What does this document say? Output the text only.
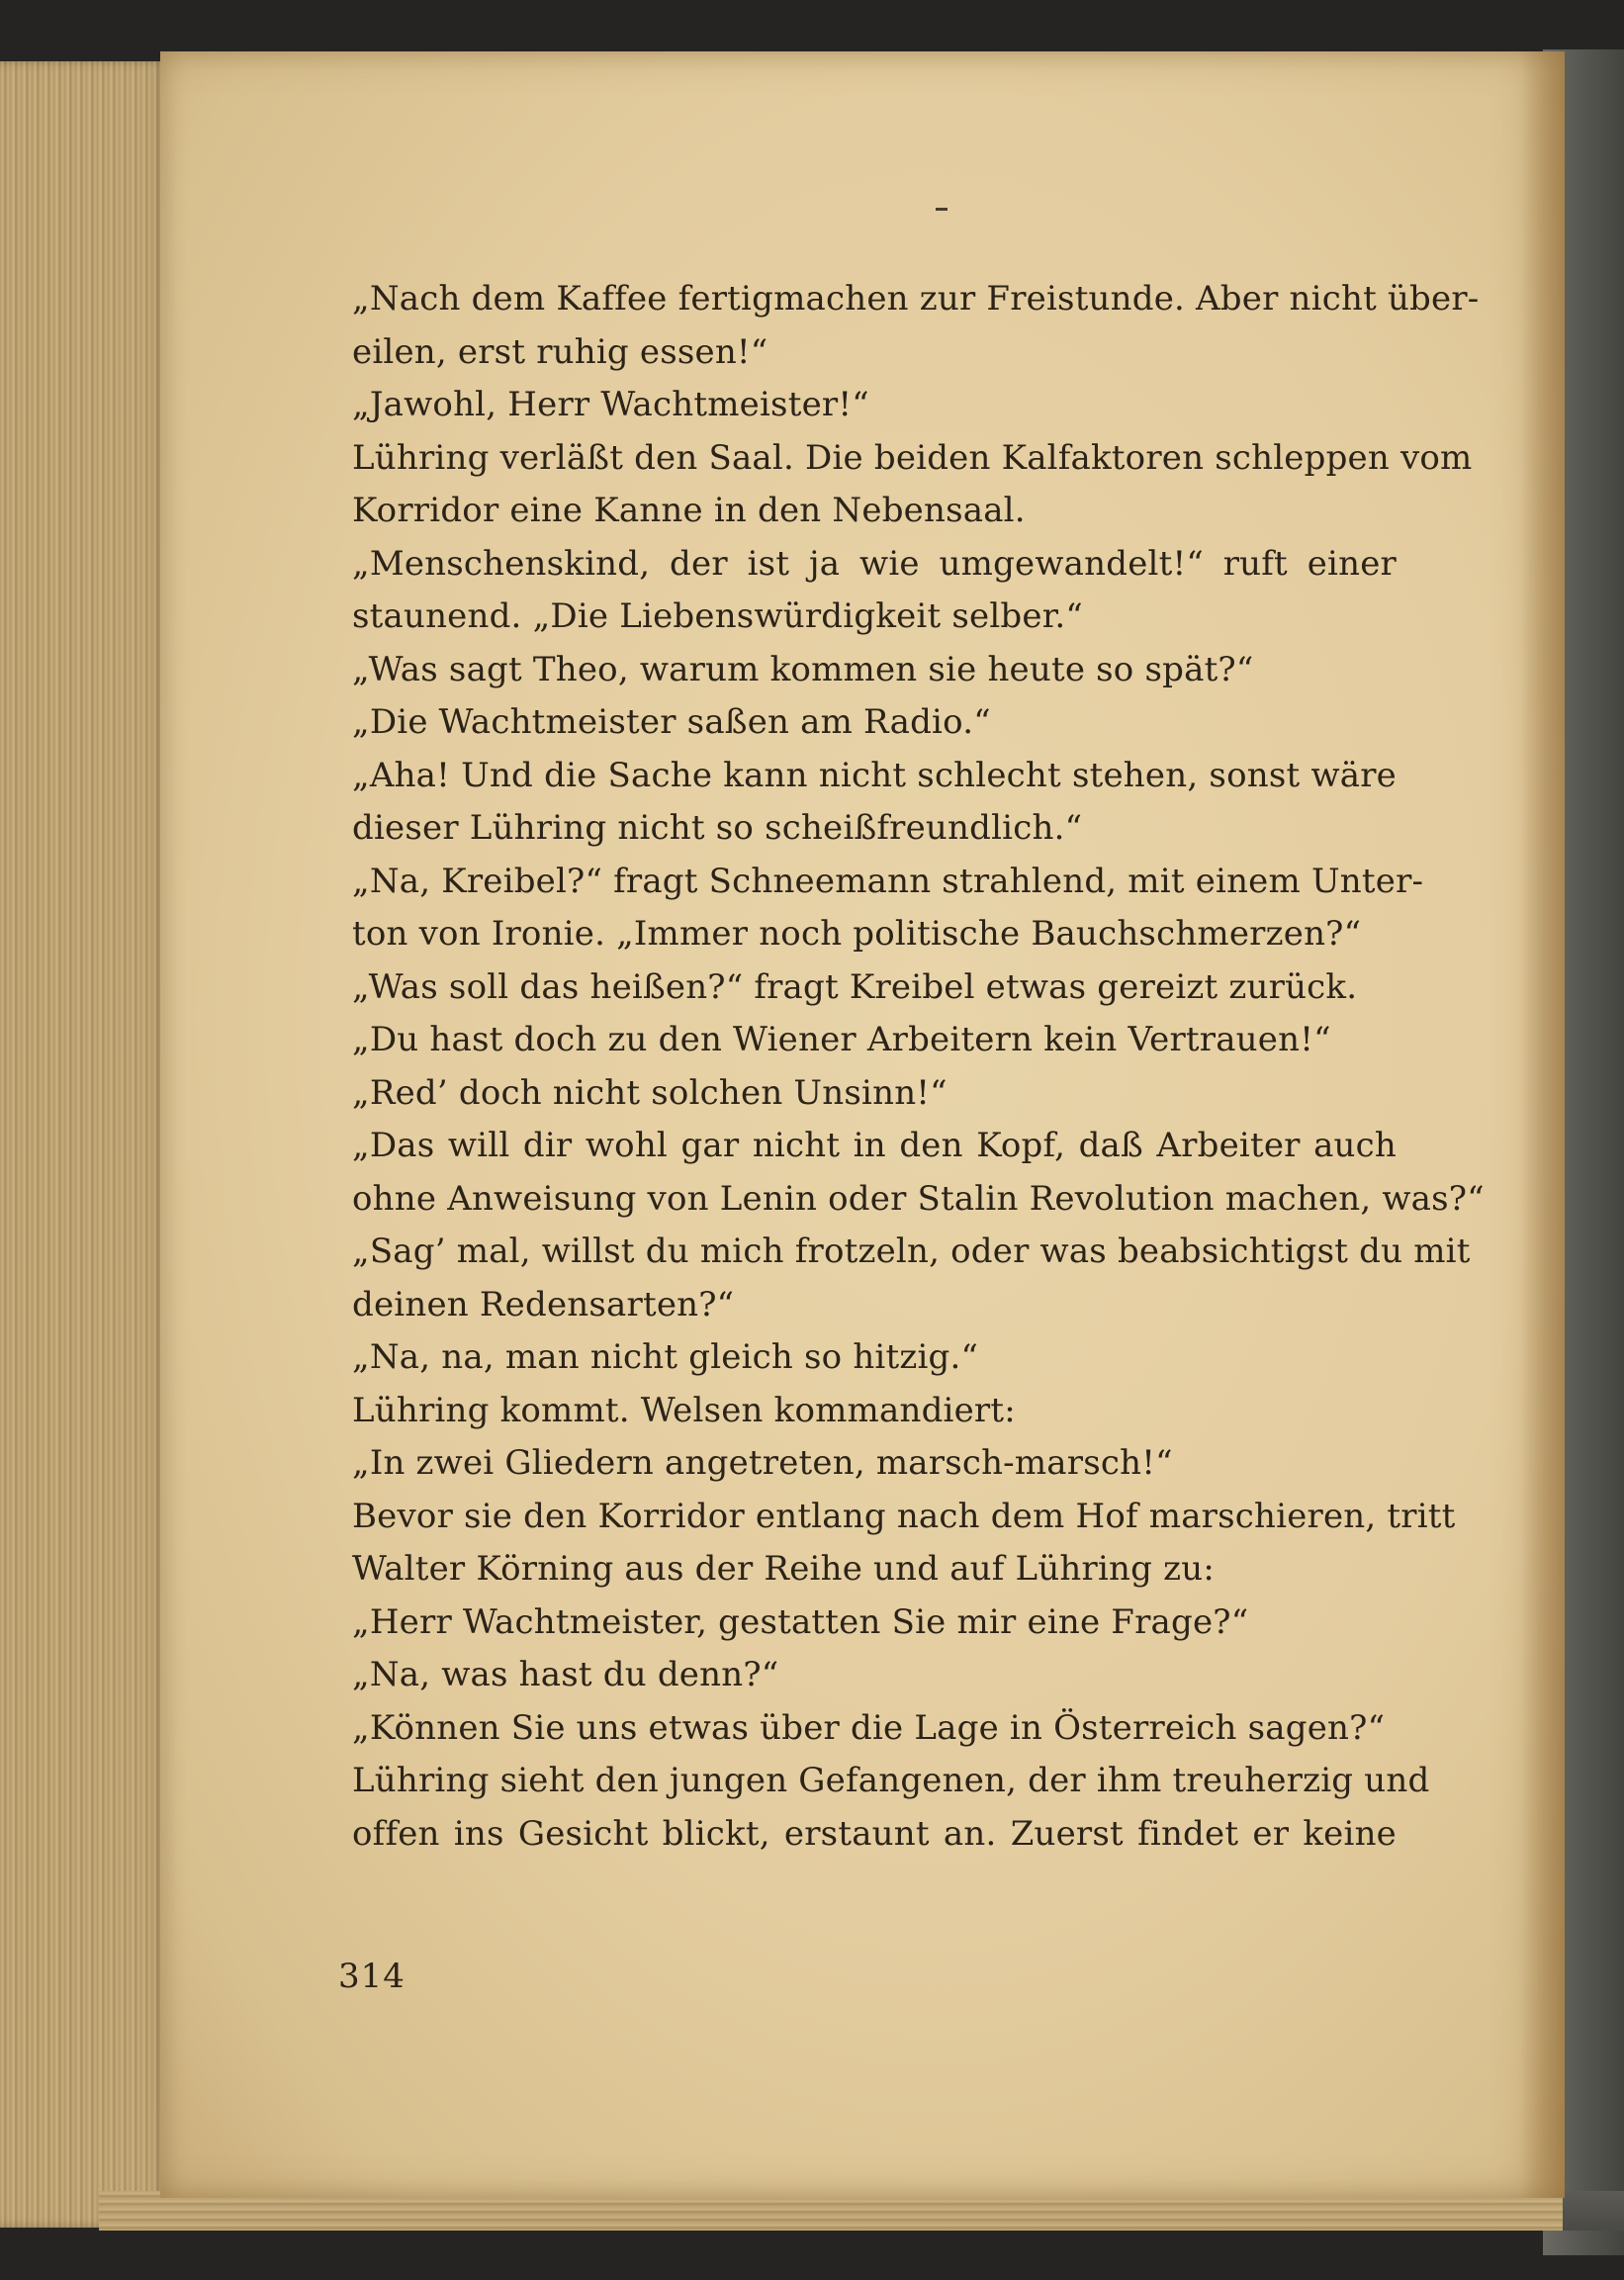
„Nach dem Kaffee fertigmachen zur Freistunde. Aber nicht über-
eilen, erst ruhig essen!“
„Jawohl, Herr Wachtmeister!“
Lühring verläßt den Saal. Die beiden Kalfaktoren schleppen vom
Korridor eine Kanne in den Nebensaal.
„Menschenskind, der ist ja wie umgewandelt!“ ruft einer
staunend. „Die Liebenswürdigkeit selber.“
„Was sagt Theo, warum kommen sie heute so spät?“
„Die Wachtmeister saßen am Radio.“
„Aha! Und die Sache kann nicht schlecht stehen, sonst wäre
dieser Lühring nicht so scheißfreundlich.“
„Na, Kreibel?“ fragt Schneemann strahlend, mit einem Unter-
ton von Ironie. „Immer noch politische Bauchschmerzen?“
„Was soll das heißen?“ fragt Kreibel etwas gereizt zurück.
„Du hast doch zu den Wiener Arbeitern kein Vertrauen!“
„Red’ doch nicht solchen Unsinn!“
„Das will dir wohl gar nicht in den Kopf, daß Arbeiter auch
ohne Anweisung von Lenin oder Stalin Revolution machen, was?“
„Sag’ mal, willst du mich frotzeln, oder was beabsichtigst du mit
deinen Redensarten?“
„Na, na, man nicht gleich so hitzig.“
Lühring kommt. Welsen kommandiert:
„In zwei Gliedern angetreten, marsch-marsch!“
Bevor sie den Korridor entlang nach dem Hof marschieren, tritt
Walter Körning aus der Reihe und auf Lühring zu:
„Herr Wachtmeister, gestatten Sie mir eine Frage?“
„Na, was hast du denn?“
„Können Sie uns etwas über die Lage in Österreich sagen?“
Lühring sieht den jungen Gefangenen, der ihm treuherzig und
offen ins Gesicht blickt, erstaunt an. Zuerst findet er keine
314
